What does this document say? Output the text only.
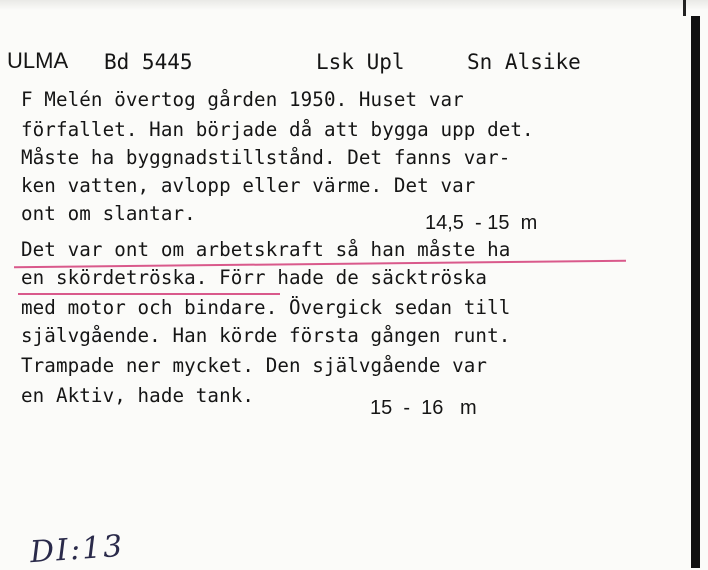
ULMA Bd 5445	Lsk Upl	Sn Alsike
F Melén övertog gården 1950. Huset var
förfallet. Han började då att bygga upp det.
Måste ha byggnadstillstånd. Det fanns var-
ken vatten, avlopp eller värme. Det var
ont om slantar.	14,5  - 15  m
Det var ont om arbetskraft så han måste ha
en skördetröska. Förr hade de säcktröska
med motor och bindare. Övergick sedan till
självgående. Han körde första gången runt.
Trampade ner mycket. Den självgående var
en Aktiv, hade tank.
15  -  16   m
DI:13
